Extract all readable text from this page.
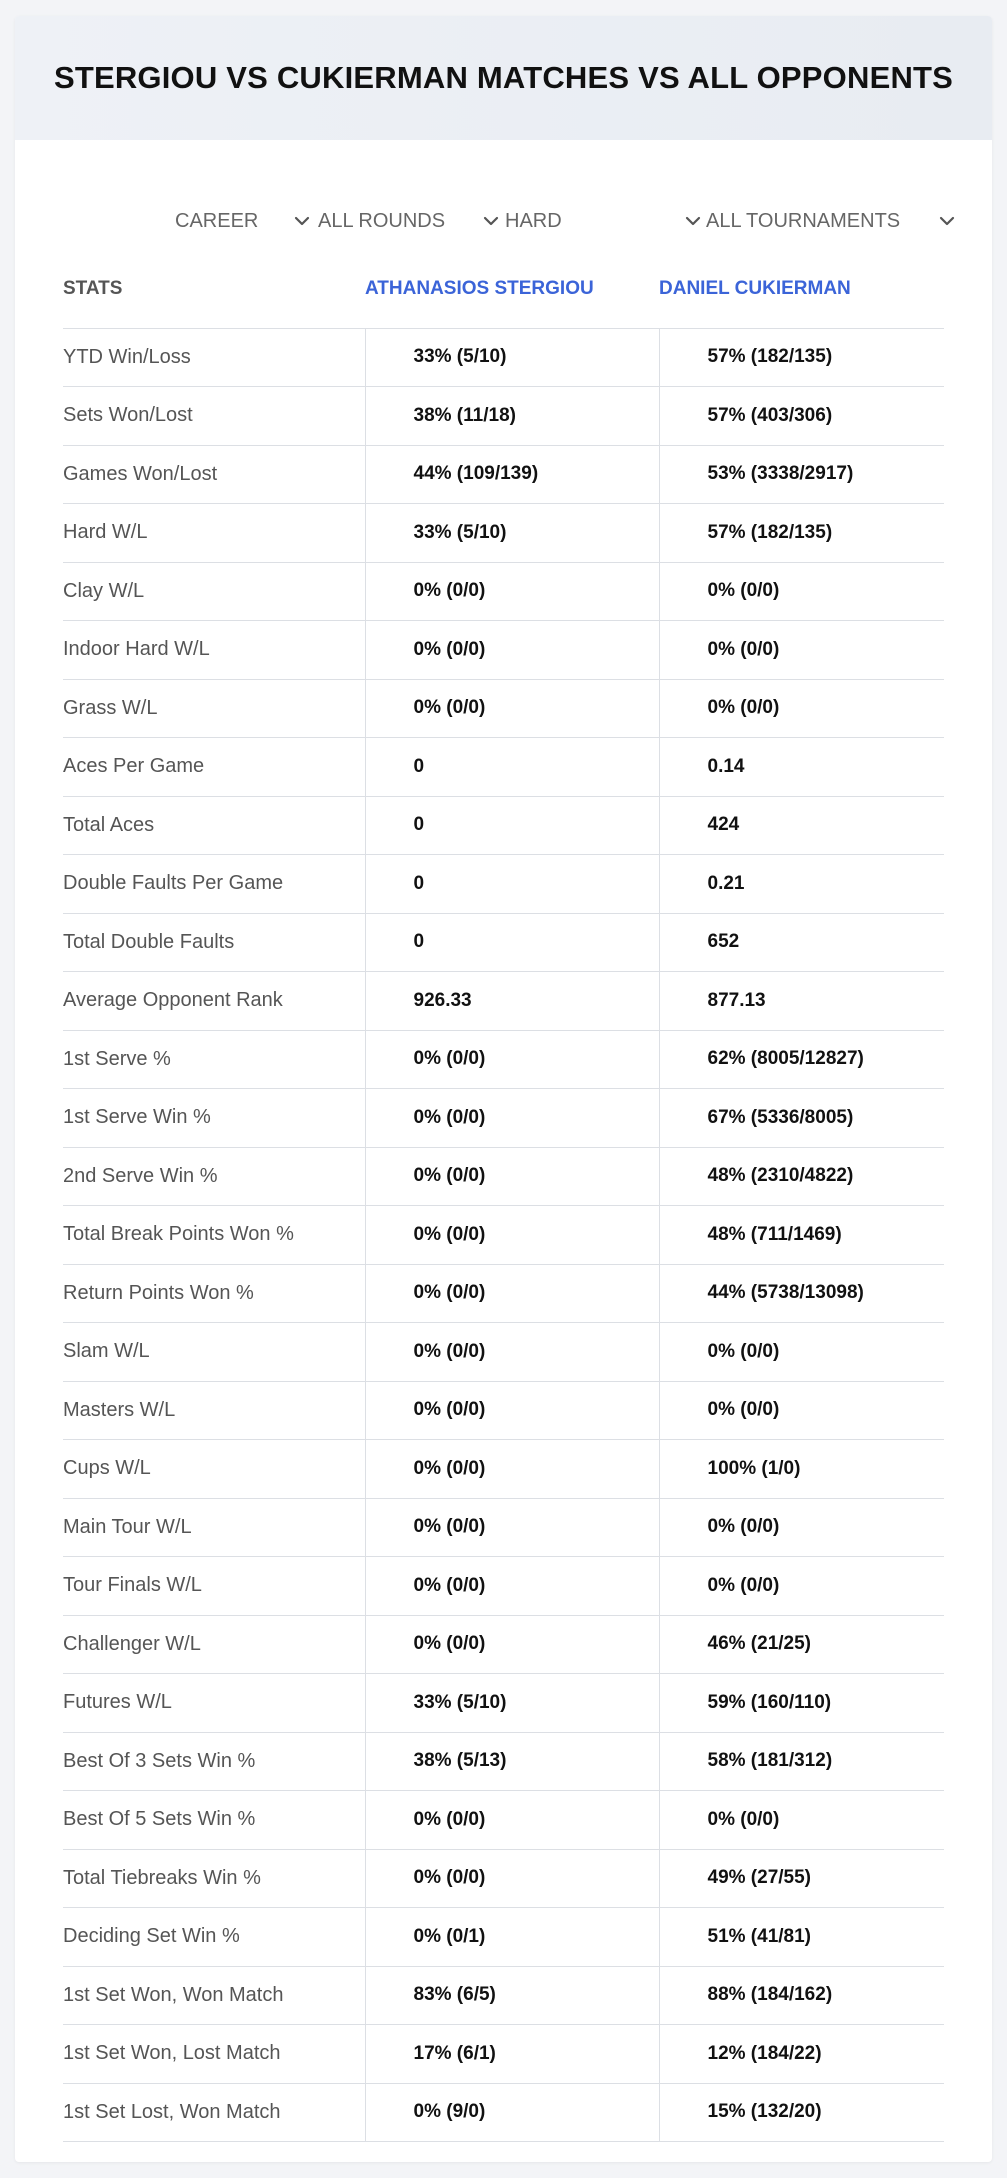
STERGIOU VS CUKIERMAN MATCHES VS ALL OPPONENTS
CAREER	ALL ROUNDS	HARD	ALL TOURNAMENTS
STATS	ATHANASIOS STERGIOU	DANIEL CUKIERMAN
YTD Win/Loss	33% (5/10)	57% (182/135)
Sets Won/Lost	38% (11/18)	57% (403/306)
Games Won/Lost	44% (109/139)	53% (3338/2917)
Hard W/L	33% (5/10)	57% (182/135)
Clay W/L	0% (0/0)	0% (0/0)
Indoor Hard W/L	0% (0/0)	0% (0/0)
Grass W/L	0% (0/0)	0% (0/0)
Aces Per Game	0	0.14
Total Aces	0	424
Double Faults Per Game	0	0.21
Total Double Faults	0	652
Average Opponent Rank	926.33	877.13
1st Serve %	0% (0/0)	62% (8005/12827)
1st Serve Win %	0% (0/0)	67% (5336/8005)
2nd Serve Win %	0% (0/0)	48% (2310/4822)
Total Break Points Won %	0% (0/0)	48% (711/1469)
Return Points Won %	0% (0/0)	44% (5738/13098)
Slam W/L	0% (0/0)	0% (0/0)
Masters W/L	0% (0/0)	0% (0/0)
Cups W/L	0% (0/0)	100% (1/0)
Main Tour W/L	0% (0/0)	0% (0/0)
Tour Finals W/L	0% (0/0)	0% (0/0)
Challenger W/L	0% (0/0)	46% (21/25)
Futures W/L	33% (5/10)	59% (160/110)
Best Of 3 Sets Win %	38% (5/13)	58% (181/312)
Best Of 5 Sets Win %	0% (0/0)	0% (0/0)
Total Tiebreaks Win %	0% (0/0)	49% (27/55)
Deciding Set Win %	0% (0/1)	51% (41/81)
1st Set Won, Won Match	83% (6/5)	88% (184/162)
1st Set Won, Lost Match	17% (6/1)	12% (184/22)
1st Set Lost, Won Match	0% (9/0)	15% (132/20)
